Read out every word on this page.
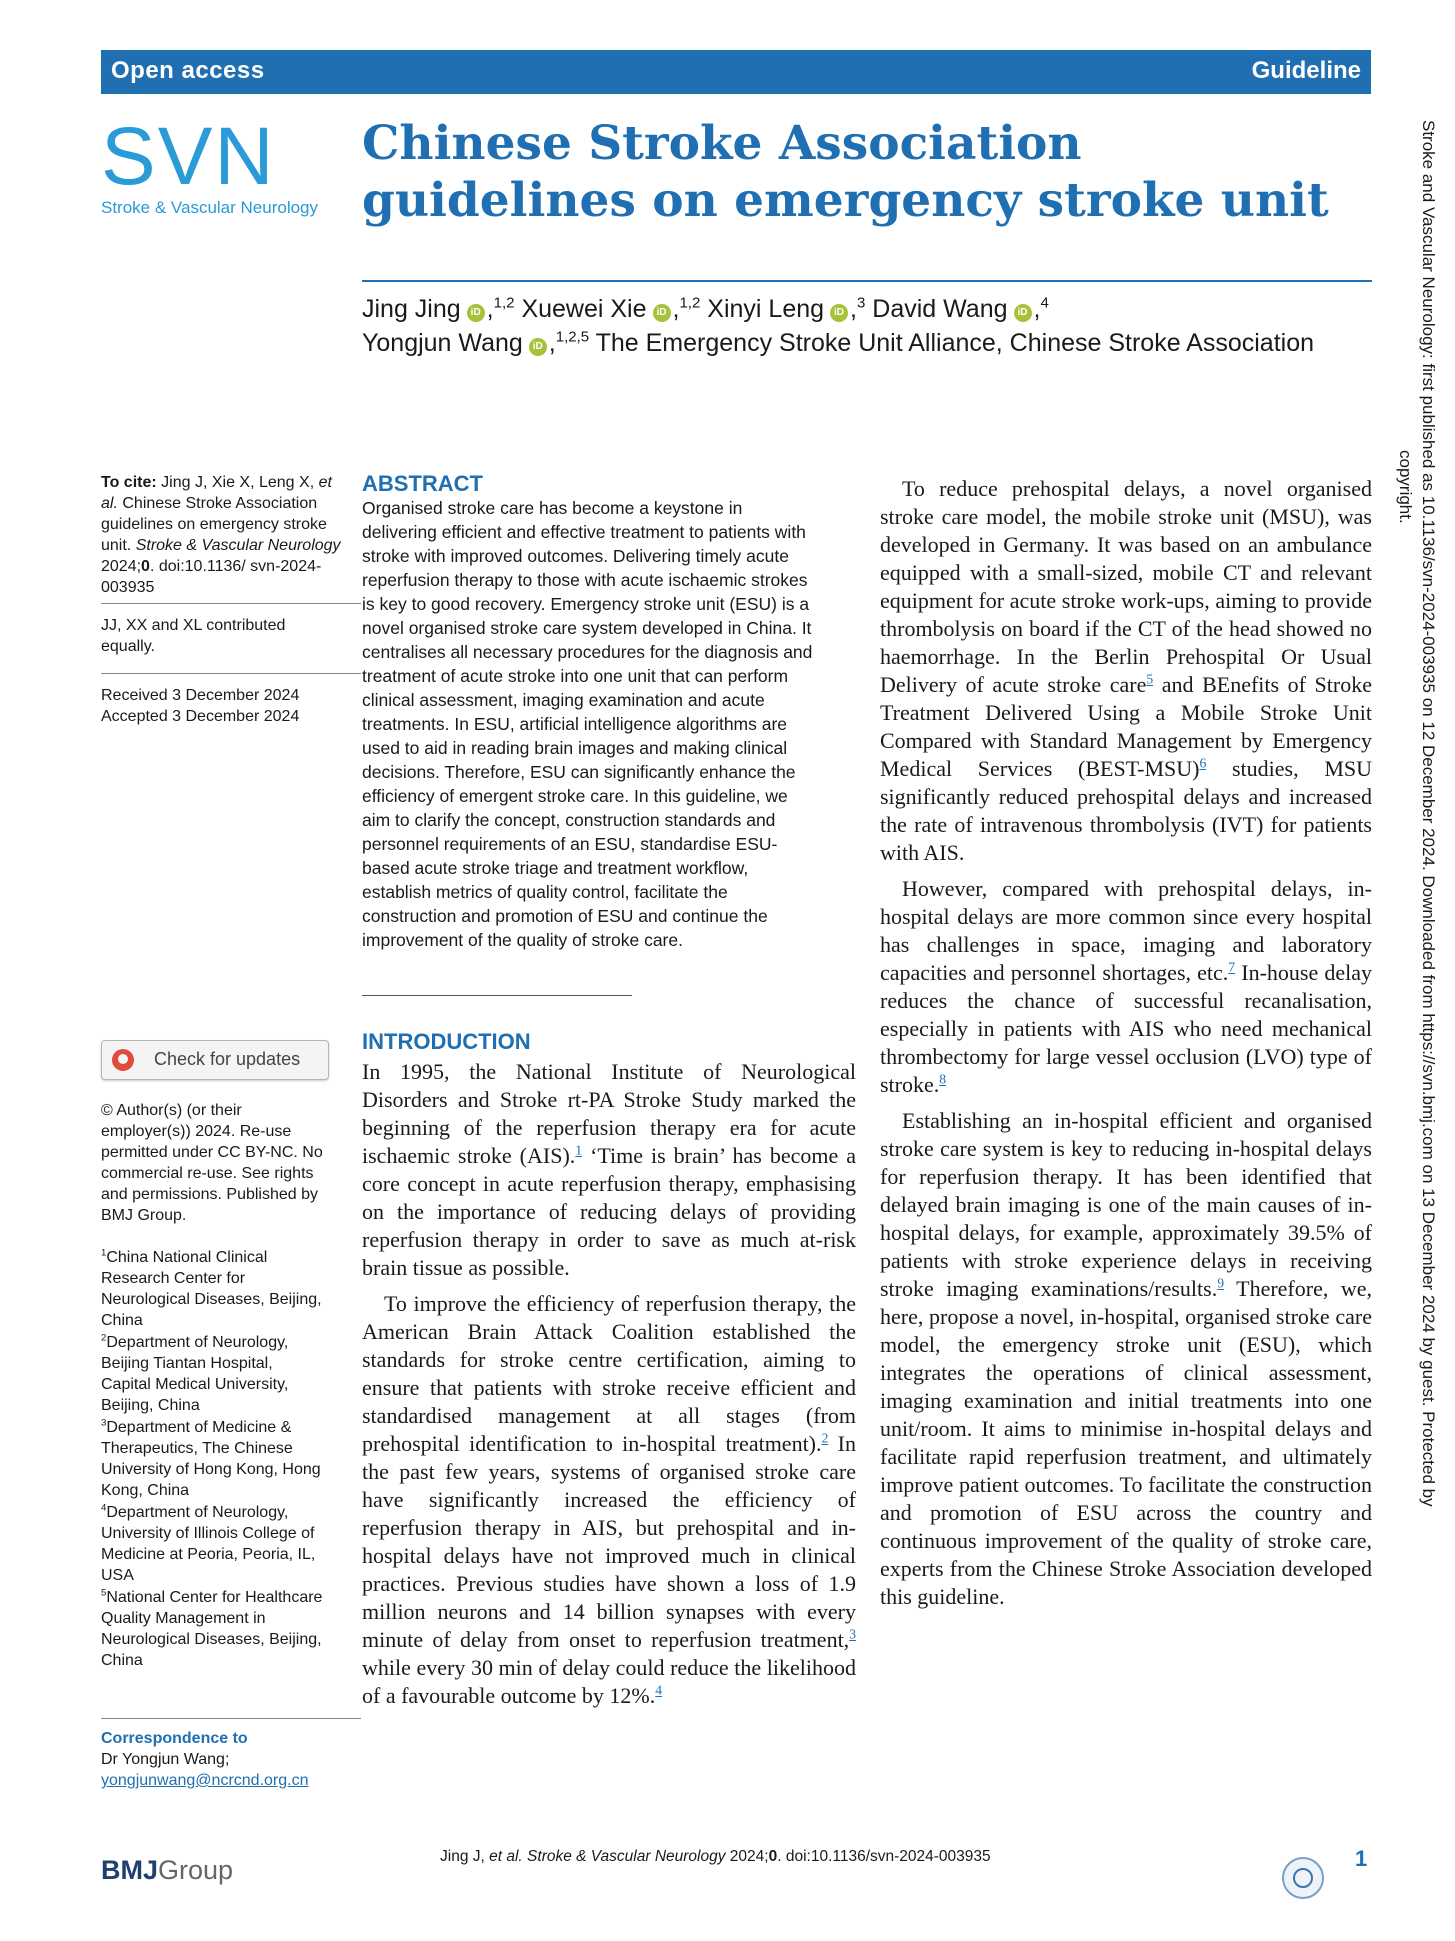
Open access	Guideline
SVN
Stroke & Vascular Neurology
Chinese Stroke Association guidelines on emergency stroke unit
Jing Jing iD ,$^{1,2}$ Xuewei Xie iD ,$^{1,2}$ Xinyi Leng iD ,$^3$ David Wang iD ,$^4$
Yongjun Wang iD ,$^{1,2,5}$ The Emergency Stroke Unit Alliance, Chinese Stroke Association
To cite: Jing J, Xie X, Leng X, et al. Chinese Stroke Association guidelines on emergency stroke unit. Stroke & Vascular Neurology 2024;0. doi:10.1136/ svn-2024-003935
JJ, XX and XL contributed equally.
Received 3 December 2024
Accepted 3 December 2024
Check for updates
© Author(s) (or their employer(s)) 2024. Re-use permitted under CC BY-NC. No commercial re-use. See rights and permissions. Published by BMJ Group.
$^1$China National Clinical Research Center for Neurological Diseases, Beijing, China
$^2$Department of Neurology, Beijing Tiantan Hospital, Capital Medical University, Beijing, China
$^3$Department of Medicine & Therapeutics, The Chinese University of Hong Kong, Hong Kong, China
$^4$Department of Neurology, University of Illinois College of Medicine at Peoria, Peoria, IL, USA
$^5$National Center for Healthcare Quality Management in Neurological Diseases, Beijing, China
Correspondence to
Dr Yongjun Wang;
yongjunwang@ncrcnd.org.cn
ABSTRACT
Organised stroke care has become a keystone in delivering efficient and effective treatment to patients with stroke with improved outcomes. Delivering timely acute reperfusion therapy to those with acute ischaemic strokes is key to good recovery. Emergency stroke unit (ESU) is a novel organised stroke care system developed in China. It centralises all necessary procedures for the diagnosis and treatment of acute stroke into one unit that can perform clinical assessment, imaging examination and acute treatments. In ESU, artificial intelligence algorithms are used to aid in reading brain images and making clinical decisions. Therefore, ESU can significantly enhance the efficiency of emergent stroke care. In this guideline, we aim to clarify the concept, construction standards and personnel requirements of an ESU, standardise ESU-based acute stroke triage and treatment workflow, establish metrics of quality control, facilitate the construction and promotion of ESU and continue the improvement of the quality of stroke care.
INTRODUCTION

In 1995, the National Institute of Neurological Disorders and Stroke rt-PA Stroke Study marked the beginning of the reperfusion therapy era for acute ischaemic stroke (AIS).$^1$ ‘Time is brain’ has become a core concept in acute reperfusion therapy, emphasising on the importance of reducing delays of providing reperfusion therapy in order to save as much at-risk brain tissue as possible.

To improve the efficiency of reperfusion therapy, the American Brain Attack Coalition established the standards for stroke centre certification, aiming to ensure that patients with stroke receive efficient and standardised management at all stages (from prehospital identification to in-hospital treatment).$^2$ In the past few years, systems of organised stroke care have significantly increased the efficiency of reperfusion therapy in AIS, but prehospital and in-hospital delays have not improved much in clinical practices. Previous studies have shown a loss of 1.9 million neurons and 14 billion synapses with every minute of delay from onset to reperfusion treatment,$^3$ while every 30 min of delay could reduce the likelihood of a favourable outcome by 12%.$^4$

To reduce prehospital delays, a novel organised stroke care model, the mobile stroke unit (MSU), was developed in Germany. It was based on an ambulance equipped with a small-sized, mobile CT and relevant equipment for acute stroke work-ups, aiming to provide thrombolysis on board if the CT of the head showed no haemorrhage. In the Berlin Prehospital Or Usual Delivery of acute stroke care$^5$ and BEnefits of Stroke Treatment Delivered Using a Mobile Stroke Unit Compared with Standard Management by Emergency Medical Services (BEST-MSU)$^6$ studies, MSU significantly reduced prehospital delays and increased the rate of intravenous thrombolysis (IVT) for patients with AIS.

However, compared with prehospital delays, in-hospital delays are more common since every hospital has challenges in space, imaging and laboratory capacities and personnel shortages, etc.$^7$ In-house delay reduces the chance of successful recanalisation, especially in patients with AIS who need mechanical thrombectomy for large vessel occlusion (LVO) type of stroke.$^8$

Establishing an in-hospital efficient and organised stroke care system is key to reducing in-hospital delays for reperfusion therapy. It has been identified that delayed brain imaging is one of the main causes of in-hospital delays, for example, approximately 39.5% of patients with stroke experience delays in receiving stroke imaging examinations/results.$^9$ Therefore, we, here, propose a novel, in-hospital, organised stroke care model, the emergency stroke unit (ESU), which integrates the operations of clinical assessment, imaging examination and initial treatments into one unit/room. It aims to minimise in-hospital delays and facilitate rapid reperfusion treatment, and ultimately improve patient outcomes. To facilitate the construction and promotion of ESU across the country and continuous improvement of the quality of stroke care, experts from the Chinese Stroke Association developed this guideline.

Stroke and Vascular Neurology: first published as 10.1136/svn-2024-003935 on 12 December 2024. Downloaded from https://svn.bmj.com on 13 December 2024 by guest. Protected by
copyright.
BMJGroup	Jing J, et al. Stroke & Vascular Neurology 2024;0. doi:10.1136/svn-2024-003935	1
